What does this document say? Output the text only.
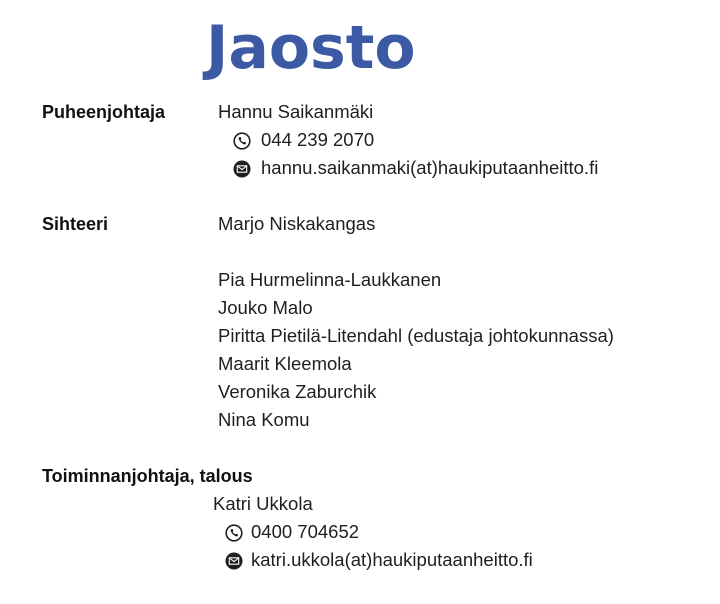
Jaosto
Puheenjohtaja	Hannu Saikanmäki
044 239 2070
hannu.saikanmaki(at)haukiputaanheitto.fi
Sihteeri	Marjo Niskakangas
Pia Hurmelinna-Laukkanen
Jouko Malo
Piritta Pietilä-Litendahl (edustaja johtokunnassa)
Maarit Kleemola
Veronika Zaburchik
Nina Komu
Toiminnanjohtaja, talous
Katri Ukkola
0400 704652
katri.ukkola(at)haukiputaanheitto.fi
